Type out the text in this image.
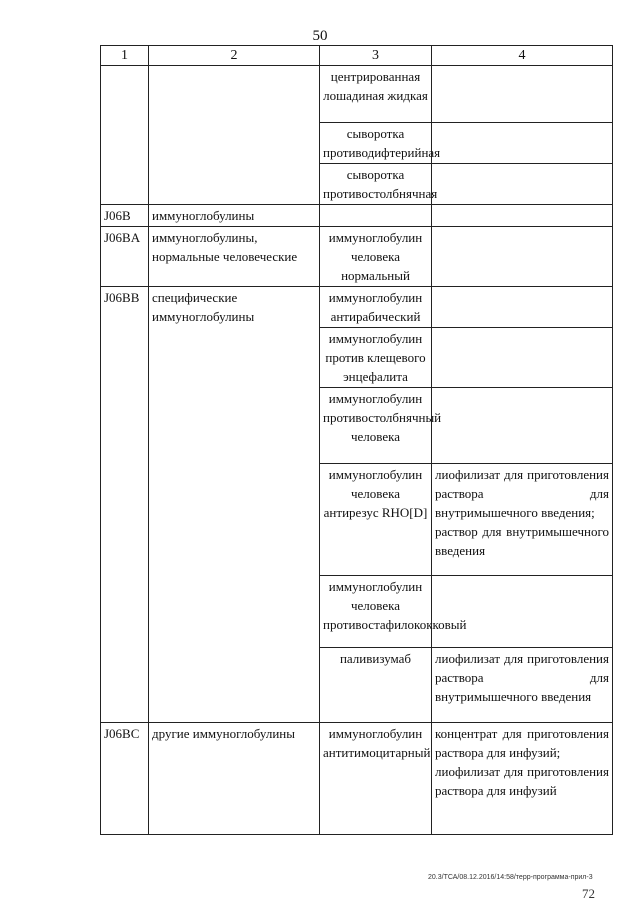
50
1	2	3	4
		центрированная лошадиная жидкая	
		сыворотка противодифтерийная	
		сыворотка противостолбнячная	
J06B	иммуноглобулины		
J06BA	иммуноглобулины, нормальные человеческие	иммуноглобулин человека нормальный	
J06BB	специфические иммуноглобулины	иммуноглобулин антирабический	
		иммуноглобулин против клещевого энцефалита	
		иммуноглобулин противостолбнячный человека	
		иммуноглобулин человека антирезус RHO[D]	лиофилизат для приготовления раствора для внутримышечного введения;
раствор для внутримышечного введения
		иммуноглобулин человека противостафилококковый	
		паливизумаб	лиофилизат для приготовления раствора для внутримышечного введения
J06BC	другие иммуноглобулины	иммуноглобулин антитимоцитарный	концентрат для приготовления раствора для инфузий;
лиофилизат для приготовления раствора для инфузий
20.3/ТСА/08.12.2016/14:58/терр-программа-прил-3
72
